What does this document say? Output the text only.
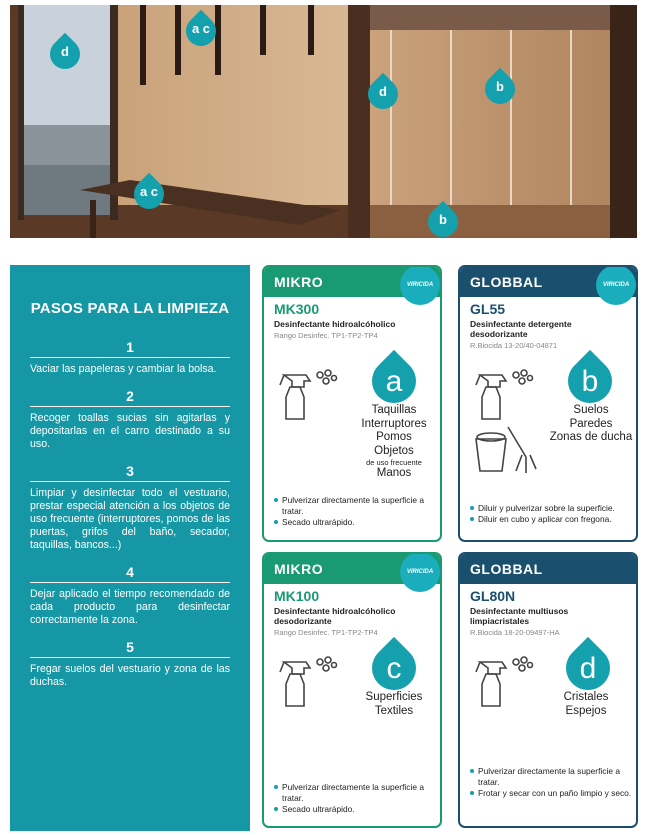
d
a c
d	b
a c
b
PASOS PARA LA LIMPIEZA
1
Vaciar las papeleras y cambiar la bolsa.
2
Recoger toallas sucias sin agitarlas y depositarlas en el carro destinado a su uso.
3
Limpiar y desinfectar todo el vestuario, prestar especial atención a los objetos de uso frecuente (interruptores, pomos de las puertas, grifos del baño, secador, taquillas, bancos...)
4
Dejar aplicado el tiempo recomendado de cada producto para desinfectar correctamente la zona.
5
Fregar suelos del vestuario y zona de las duchas.
MIKRO
MK300
Desinfectante hidroalcóholico
Rango Desinfec. TP1-TP2-TP4
a
Taquillas
Interruptores
Pomos
Objetos
de uso frecuente
Manos
Pulverizar directamente la superficie a tratar.
Secado ultrarápido.
VIRICIDA	GLOBBAL
GL55
Desinfectante detergente desodorizante
R.Biocida 13-20/40-04871
b
Suelos
Paredes
Zonas de ducha
Diluir y pulverizar sobre la superficie.
Diluir en cubo y aplicar con fregona.
VIRICIDA
MIKRO
MK100
Desinfectante hidroalcóholico desodorizante
Rango Desinfec. TP1-TP2-TP4
c
Superficies
Textiles
Pulverizar directamente la superficie a tratar.
Secado ultrarápido.
VIRICIDA	GLOBBAL
GL80N
Desinfectante multiusos limpiacristales
R.Biocida 18-20-09497-HA
d
Cristales
Espejos
Pulverizar directamente la superficie a tratar.
Frotar y secar con un paño limpio y seco.
